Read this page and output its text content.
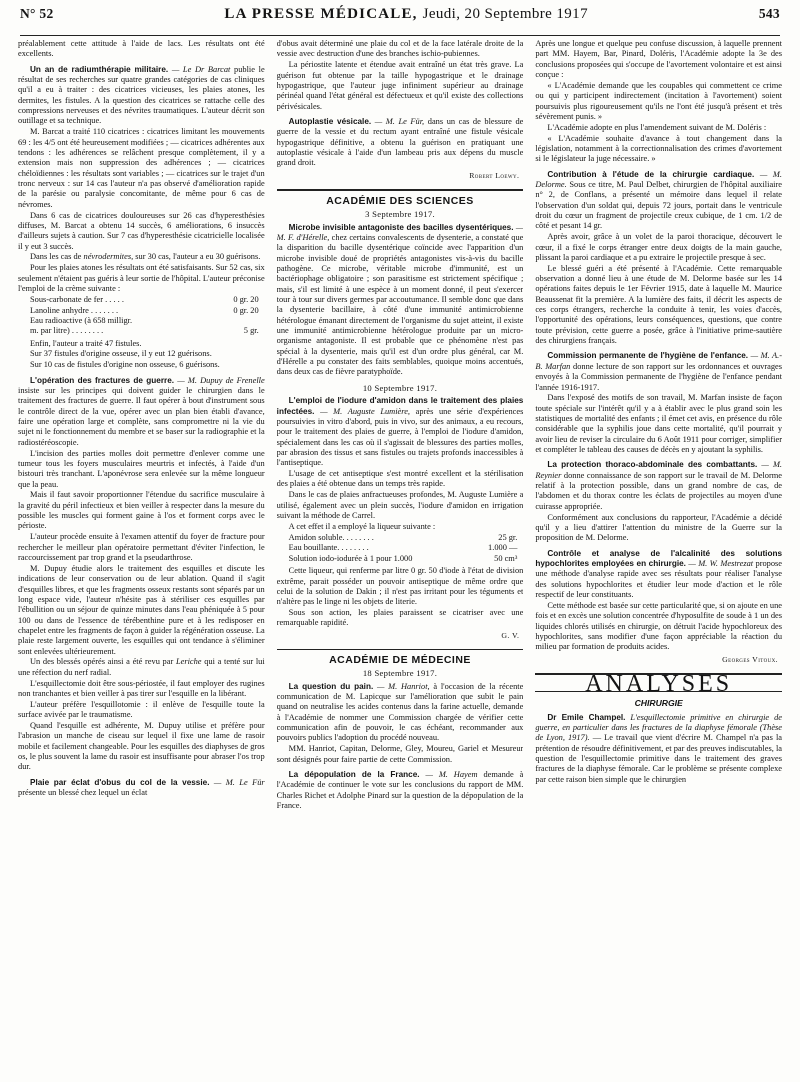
N° 52	LA PRESSE MÉDICALE, Jeudi, 20 Septembre 1917	543

préalablement cette attitude à l'aide de lacs. Les résultats ont été excellents.

Un an de radiumthérapie militaire. — Le Dr Barcat publie le résultat de ses recherches sur quatre grandes catégories de cas cliniques qu'il a eu à traiter : des cicatrices vicieuses, les plaies atones, les dermites, les fistules. A la question des cicatrices se rattache celle des compressions nerveuses et des névrites traumatiques. L'auteur décrit son outillage et sa technique.

M. Barcat a traité 110 cicatrices : cicatrices limitant les mouvements 69 : les 4/5 ont été heureusement modifiées ; — cicatrices adhérentes aux tendons : les adhérences se relâchent presque complètement, il y a extension mais non suppression des adhérences ; — cicatrices chéloïdiennes : les résultats sont variables ; — cicatrices sur le trajet d'un tronc nerveux : sur 14 cas l'auteur n'a pas observé d'amélioration rapide de la parésie ou paralysie concomitante, de même pour 6 cas de névromes.

Dans 6 cas de cicatrices douloureuses sur 26 cas d'hyperesthésies diffuses, M. Barcat a obtenu 14 succès, 6 améliorations, 6 insuccès d'ailleurs sujets à caution. Sur 7 cas d'hyperesthésie cicatricielle localisée il y eut 3 succès.

Dans les cas de névrodermites, sur 30 cas, l'auteur a eu 30 guérisons.

Pour les plaies atones les résultats ont été satisfaisants. Sur 52 cas, six seulement n'étaient pas guéris à leur sortie de l'hôpital. L'auteur préconise l'emploi de la crème suivante :

Sous-carbonate de fer . . . . .	0 gr. 20
Lanoline anhydre . . . . . . .	0 gr. 20
Eau radioactive (à 658 milligr.	
m. par litre) . . . . . . . .	5 gr.

Enfin, l'auteur a traité 47 fistules.

Sur 37 fistules d'origine osseuse, il y eut 12 guérisons.

Sur 10 cas de fistules d'origine non osseuse, 6 guérisons.

L'opération des fractures de guerre. — M. Dupuy de Frenelle insiste sur les principes qui doivent guider le chirurgien dans le traitement des fractures de guerre. Il faut opérer à bout d'instrument sous le contrôle direct de la vue, opérer avec un plan bien établi d'avance, faire une opération large et complète, sans compromettre ni la vie du sujet ni le fonctionnement du membre et se baser sur la radiographie et la radiostéréoscopie.

L'incision des parties molles doit permettre d'enlever comme une tumeur tous les foyers musculaires meurtris et infectés, à l'aide d'un bistouri très tranchant. L'aponévrose sera enlevée sur la même longueur que la peau.

Mais il faut savoir proportionner l'étendue du sacrifice musculaire à la gravité du péril infectieux et bien veiller à respecter dans la mesure du possible les muscles qui forment gaine à l'os et forment corps avec le périoste.

L'auteur procède ensuite à l'examen attentif du foyer de fracture pour rechercher le meilleur plan opératoire permettant d'éviter l'infection, le raccourcissement par trop grand et la pseudarthrose.

M. Dupuy étudie alors le traitement des esquilles et discute les indications de leur conservation ou de leur ablation. Quand il s'agit d'esquilles libres, et que les fragments osseux restants sont séparés par un long espace vide, l'auteur n'hésite pas à stériliser ces esquilles par l'ébullition ou un séjour de quinze minutes dans l'eau phéniquée à 5 pour 100 ou dans de l'essence de térébenthine pure et à les redisposer en chapelet entre les fragments de façon à guider la régénération osseuse. La plaie reste largement ouverte, les esquilles qui ont tendance à s'éliminer sont enlevées ultérieurement.

Un des blessés opérés ainsi a été revu par Leriche qui a tenté sur lui une réfection du nerf radial.

L'esquillectomie doit être sous-périostée, il faut employer des rugines non tranchantes et bien veiller à pas tirer sur l'esquille en la libérant.

L'auteur préfère l'esquillotomie : il enlève de l'esquille toute la surface avivée par le traumatisme.

Quand l'esquille est adhérente, M. Dupuy utilise et préfère pour l'abrasion un manche de ciseau sur lequel il fixe une lame de rasoir mobile et facilement changeable. Pour les esquilles des diaphyses de gros os, le plus souvent la lame du rasoir est insuffisante pour abraser l'os trop dur.

Plaie par éclat d'obus du col de la vessie. — M. Le Für présente un blessé chez lequel un éclat

d'obus avait déterminé une plaie du col et de la face latérale droite de la vessie avec destruction d'une des branches ischio-pubiennes.

La périostite latente et étendue avait entraîné un état très grave. La guérison fut obtenue par la taille hypogastrique et le drainage hypogastrique, que l'auteur juge infiniment supérieur au drainage périnéal quand l'état général est défectueux et qu'il existe des collections périvésicales.

Autoplastie vésicale. — M. Le Für, dans un cas de blessure de guerre de la vessie et du rectum ayant entraîné une fistule vésicale hypogastrique définitive, a obtenu la guérison en pratiquant une autoplastie vésicale à l'aide d'un lambeau pris aux dépens du muscle grand droit.

Robert Loewy.
ACADÉMIE DES SCIENCES
3 Septembre 1917.

Microbe invisible antagoniste des bacilles dysentériques. — M. F. d'Hérelle, chez certains convalescents de dysenterie, a constaté que la disparition du bacille dysentérique coïncide avec l'apparition d'un microbe invisible doué de propriétés antagonistes vis-à-vis du bacille pathogène. Ce microbe, véritable microbe d'immunité, est un bactériophage obligatoire ; son parasitisme est strictement spécifique ; mais, s'il est limité à une espèce à un moment donné, il peut s'exercer tour à tour sur divers germes par accoutumance. Il semble donc que dans la dysenterie bacillaire, à côté d'une immunité antimicrobienne hétérologue émanant directement de l'organisme du sujet atteint, il existe une immunité antimicrobienne hétérologue produite par un micro-organisme antagoniste. Il est probable que ce phénomène n'est pas spécial à la dysenterie, mais qu'il est d'un ordre plus général, car M. d'Hérelle a pu constater des faits semblables, quoique moins accentués, dans deux cas de fièvre paratyphoïde.

10 Septembre 1917.

L'emploi de l'iodure d'amidon dans le traitement des plaies infectées. — M. Auguste Lumière, après une série d'expériences poursuivies in vitro d'abord, puis in vivo, sur des animaux, a eu recours, pour le traitement des plaies de guerre, à l'emploi de l'iodure d'amidon, spécialement dans les cas où il s'agissait de blessures des parties molles, par abrasion des tissus et sans fistules ou trajets profonds inaccessibles à l'antiseptique.

L'usage de cet antiseptique s'est montré excellent et la stérilisation des plaies a été obtenue dans un temps très rapide.

Dans le cas de plaies anfractueuses profondes, M. Auguste Lumière a utilisé, également avec un plein succès, l'iodure d'amidon en irrigation suivant la méthode de Carrel.

A cet effet il a employé la liqueur suivante :

Amidon soluble. . . . . . . .	25 gr.
Eau bouillante. . . . . . . .	1.000 —
Solution iodo-iodurée à 1 pour 1.000	50 cm³

Cette liqueur, qui renferme par litre 0 gr. 50 d'iode à l'état de division extrême, parait posséder un pouvoir antiseptique de même ordre que celui de la solution de Dakin ; il n'est pas irritant pour les téguments et n'altère pas le linge ni les objets de literie.

Sous son action, les plaies paraissent se cicatriser avec une remarquable rapidité.

G. V.
ACADÉMIE DE MÉDECINE
18 Septembre 1917.

La question du pain. — M. Hanriot, à l'occasion de la récente communication de M. Lapicque sur l'amélioration que subit le pain quand on neutralise les acides contenus dans la farine actuelle, demande à l'Académie de nommer une Commission chargée de vérifier cette communication afin de pouvoir, le cas échéant, recommander aux pouvoirs publics l'adoption du procédé nouveau.

MM. Hanriot, Capitan, Delorme, Gley, Moureu, Gariel et Mesureur sont désignés pour faire partie de cette Commission.

La dépopulation de la France. — M. Hayem demande à l'Académie de continuer le vote sur les conclusions du rapport de MM. Charles Richet et Adolphe Pinard sur la question de la dépopulation de la France.

Après une longue et quelque peu confuse discussion, à laquelle prennent part MM. Hayem, Bar, Pinard, Doléris, l'Académie adopte la 3e des conclusions proposées qui s'occupe de l'avortement volontaire et est ainsi conçue :

« L'Académie demande que les coupables qui commettent ce crime ou qui y participent indirectement (incitation à l'avortement) soient poursuivis plus rigoureusement qu'ils ne l'ont été jusqu'à présent et très sévèrement punis. »

L'Académie adopte en plus l'amendement suivant de M. Doléris :

« L'Académie souhaite d'avance à tout changement dans la législation, notamment à la correctionnalisation des crimes d'avortement si le législateur la juge nécessaire. »

Contribution à l'étude de la chirurgie cardiaque. — M. Delorme. Sous ce titre, M. Paul Delbet, chirurgien de l'hôpital auxiliaire n° 2, de Conflans, a présenté un mémoire dans lequel il relate l'observation d'un soldat qui, depuis 72 jours, portait dans le ventricule droit du cœur un fragment de projectile creux cubique, de 1 cm. 1/2 de côté et pesant 14 gr.

Après avoir, grâce à un volet de la paroi thoracique, découvert le cœur, il a fixé le corps étranger entre deux doigts de la main gauche, plissant la paroi cardiaque et a pu extraire le projectile presque à sec.

Le blessé guéri a été présenté à l'Académie. Cette remarquable observation a donné lieu à une étude de M. Delorme basée sur les 14 opérations faites depuis le 1er Février 1915, date à laquelle M. Maurice Beaussenat fit la première. A la lumière des faits, il décrit les aspects de ces corps étrangers, recherche la conduite à tenir, les voies d'accès, l'opportunité des opérations, leurs conséquences, questions, que contre toute prévision, cette guerre a posée, grâce à l'initiative prime-sautière des chirurgiens français.

Commission permanente de l'hygiène de l'enfance. — M. A.-B. Marfan donne lecture de son rapport sur les ordonnances et ouvrages envoyés à la Commission permanente de l'hygiène de l'enfance pendant l'année 1916-1917.

Dans l'exposé des motifs de son travail, M. Marfan insiste de façon toute spéciale sur l'intérêt qu'il y a à établir avec le plus grand soin les statistiques de mortalité des enfants ; il émet cet avis, en présence du rôle considérable que la syphilis joue dans cette mortalité, qu'il pourrait y avoir lieu de reviser la circulaire du 6 Août 1911 pour corriger, simplifier et compléter le tableau des causes de décès en y ajoutant la syphilis.

La protection thoraco-abdominale des combattants. — M. Reynier donne connaissance de son rapport sur le travail de M. Delorme relatif à la protection possible, dans un grand nombre de cas, de l'abdomen et du thorax contre les éclats de projectiles au moyen d'une cuirasse appropriée.

Conformément aux conclusions du rapporteur, l'Académie a décidé qu'il y a lieu d'attirer l'attention du ministre de la Guerre sur la proposition de M. Delorme.

Contrôle et analyse de l'alcalinité des solutions hypochlorites employées en chirurgie. — M. W. Mestrezat propose une méthode d'analyse rapide avec ses résultats pour réaliser l'analyse des solutions hypochlorites et étudier leur mode d'action et le rôle respectif de leur constituants.

Cette méthode est basée sur cette particularité que, si on ajoute en une fois et en excès une solution concentrée d'hyposulfite de soude à 1 un des liquides chlorés utilisés en chirurgie, on détruit l'acide hypochloreux des hypochlorites, sans modifier d'une façon appréciable la réaction du milieu par formation de produits acides.

Georges Vitoux.
ANALYSES
CHIRURGIE

Dr Emile Champel. L'esquillectomie primitive en chirurgie de guerre, en particulier dans les fractures de la diaphyse fémorale (Thèse de Lyon, 1917). — Le travail que vient d'écrire M. Champel n'a pas la prétention de résoudre définitivement, et par des preuves indiscutables, la question de l'esquillectomie primitive dans le traitement des graves fractures de la diaphyse fémorale. Car le problème se présente complexe par cette raison bien simple que le chirurgien
